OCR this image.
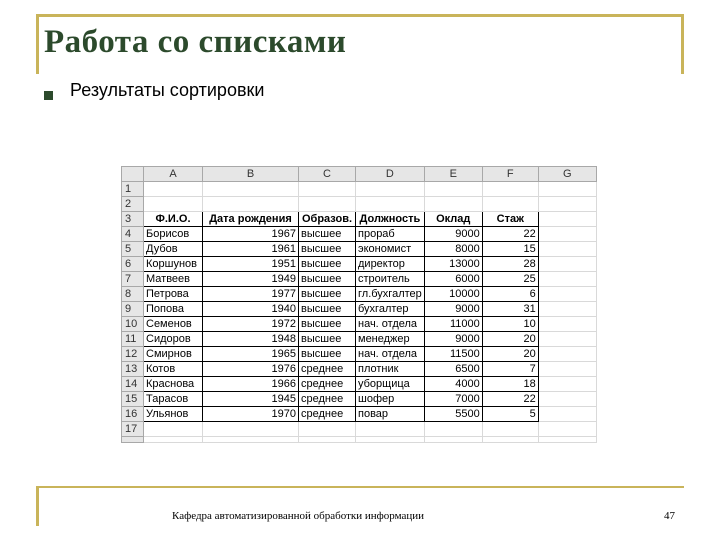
Работа со списками
Результаты сортировки
	A	B	C	D	E	F	G
1							
2							
3	Ф.И.О.	Дата рождения	Образов.	Должность	Оклад	Стаж	
4	Борисов	1967	высшее	прораб	9000	22	
5	Дубов	1961	высшее	экономист	8000	15	
6	Коршунов	1951	высшее	директор	13000	28	
7	Матвеев	1949	высшее	строитель	6000	25	
8	Петрова	1977	высшее	гл.бухгалтер	10000	6	
9	Попова	1940	высшее	бухгалтер	9000	31	
10	Семенов	1972	высшее	нач. отдела	11000	10	
11	Сидоров	1948	высшее	менеджер	9000	20	
12	Смирнов	1965	высшее	нач. отдела	11500	20	
13	Котов	1976	среднее	плотник	6500	7	
14	Краснова	1966	среднее	уборщица	4000	18	
15	Тарасов	1945	среднее	шофер	7000	22	
16	Ульянов	1970	среднее	повар	5500	5	
17							

Кафедра автоматизированной обработки информации	47
